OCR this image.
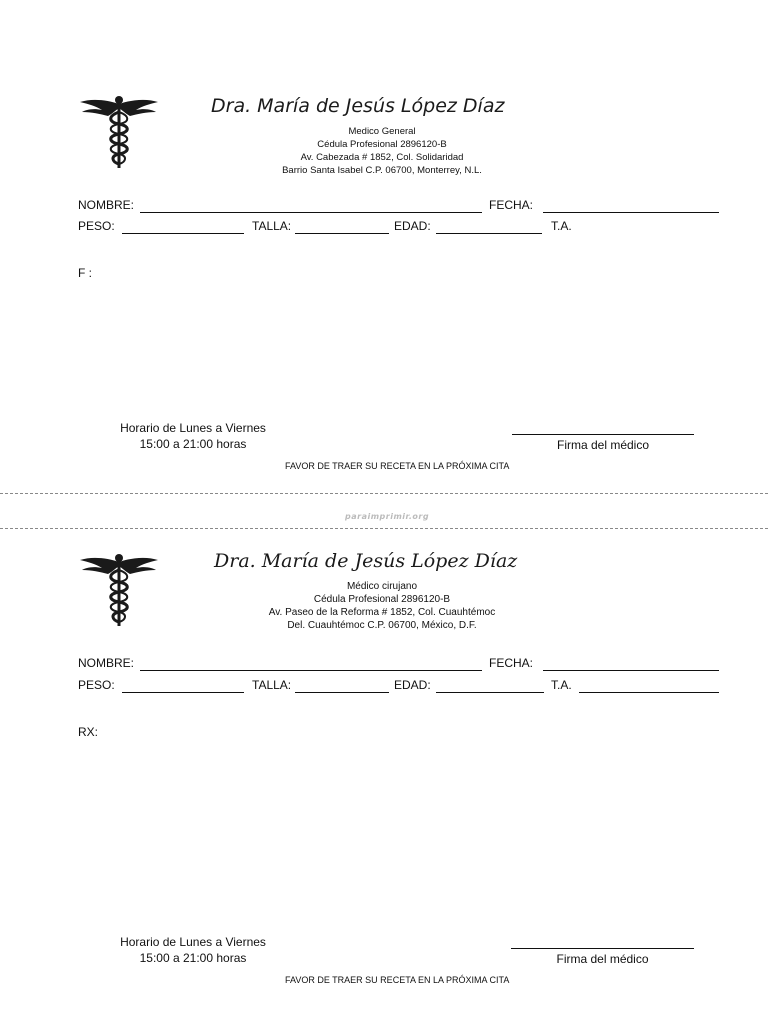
Dra. María de Jesús López Díaz
Medico General
Cédula Profesional 2896120-B
Av. Cabezada # 1852, Col. Solidaridad
Barrio Santa Isabel C.P. 06700, Monterrey, N.L.
NOMBRE:	FECHA:
PESO:	TALLA:	EDAD:	T.A.
F :
Horario de Lunes a Viernes
15:00 a 21:00 horas	Firma del médico
FAVOR DE TRAER SU RECETA EN LA PRÓXIMA CITA
paraimprimir.org
Dra. María de Jesús López Díaz
Médico cirujano
Cédula Profesional 2896120-B
Av. Paseo de la Reforma # 1852, Col. Cuauhtémoc
Del. Cuauhtémoc C.P. 06700, México, D.F.
NOMBRE:	FECHA:
PESO:	TALLA:	EDAD:	T.A.
RX:
Horario de Lunes a Viernes
15:00 a 21:00 horas	Firma del médico
FAVOR DE TRAER SU RECETA EN LA PRÓXIMA CITA
